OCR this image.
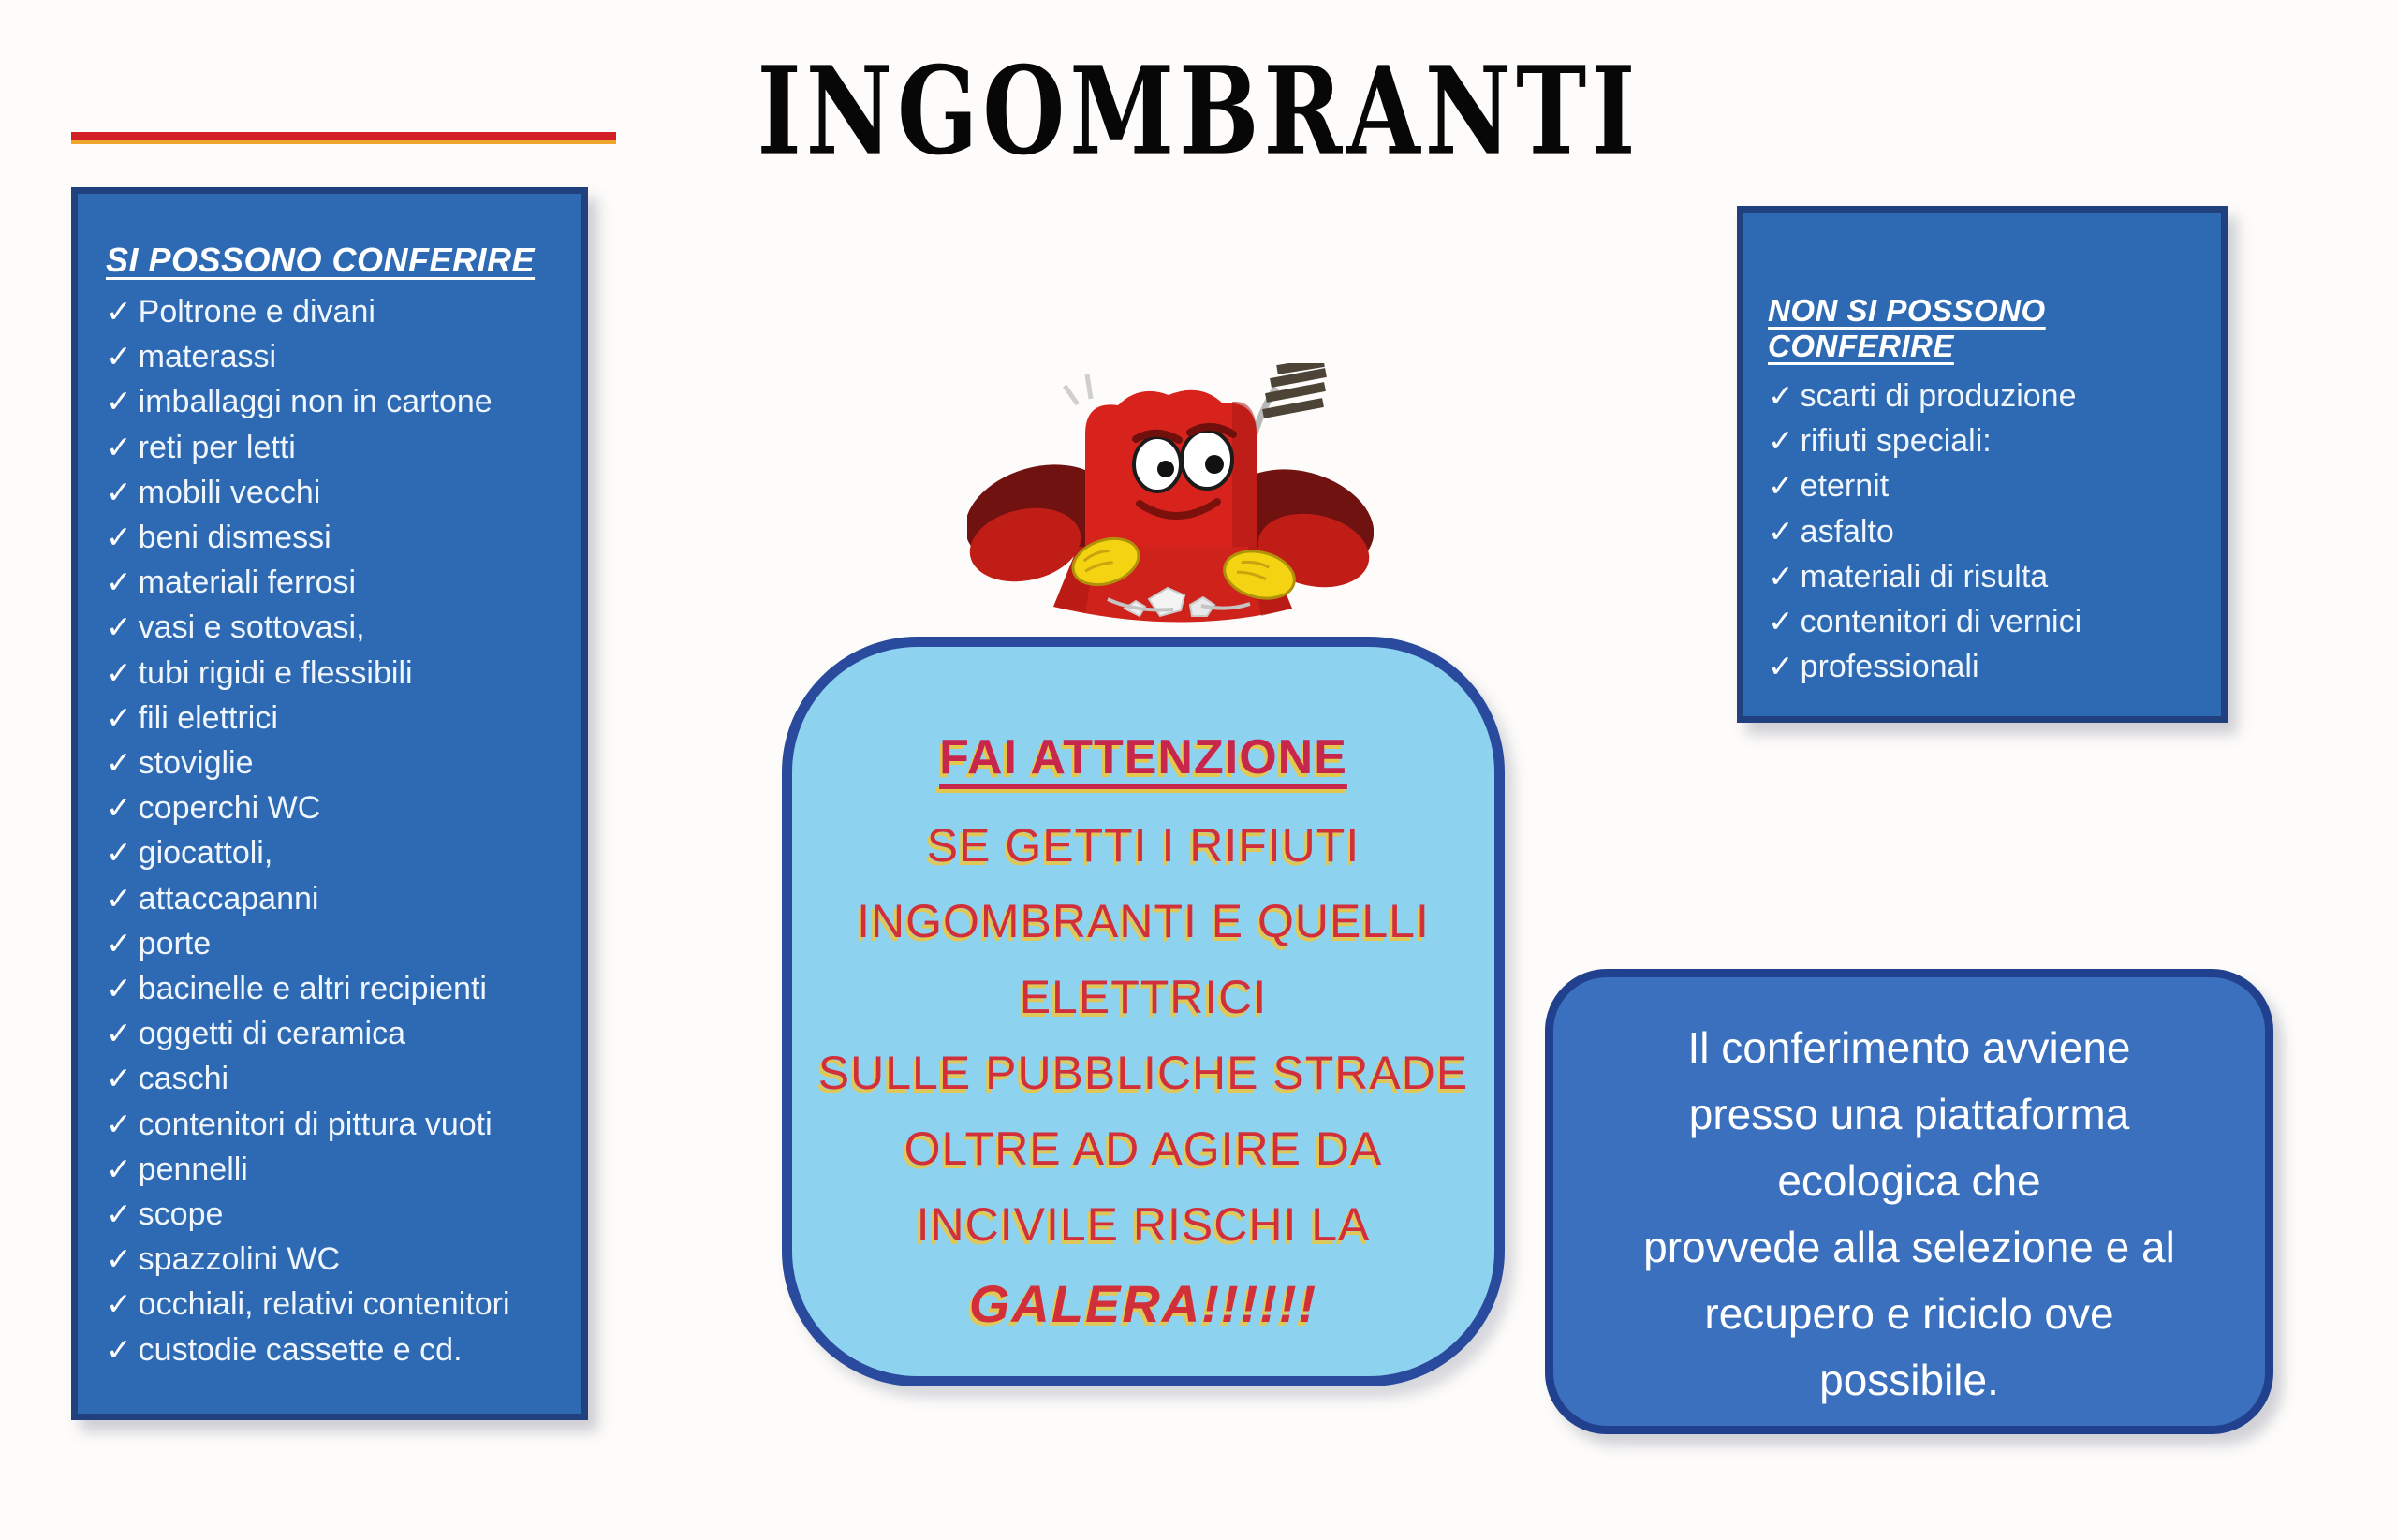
INGOMBRANTI
SI POSSONO CONFERIRE
✓ Poltrone e divani
✓ materassi
✓ imballaggi non in cartone
✓ reti per letti
✓ mobili vecchi
✓ beni dismessi
✓ materiali ferrosi
✓ vasi e sottovasi,
✓ tubi rigidi e flessibili
✓ fili elettrici
✓ stoviglie
✓ coperchi WC
✓ giocattoli,
✓ attaccapanni
✓ porte
✓ bacinelle e altri recipienti
✓ oggetti di ceramica
✓ caschi
✓ contenitori di pittura vuoti
✓ pennelli
✓ scope
✓ spazzolini WC
✓ occhiali, relativi contenitori
✓ custodie cassette e cd.
NON SI POSSONO CONFERIRE
✓ scarti di produzione
✓ rifiuti speciali:
✓ eternit
✓ asfalto
✓ materiali di risulta
✓ contenitori di vernici
✓ professionali
FAI ATTENZIONE
SE GETTI I RIFIUTI
INGOMBRANTI E QUELLI
ELETTRICI
SULLE PUBBLICHE STRADE
OLTRE AD AGIRE DA
INCIVILE RISCHI LA
GALERA!!!!!!
Il conferimento avviene
presso una piattaforma
ecologica che
provvede alla selezione e al
recupero e riciclo ove
possibile.
